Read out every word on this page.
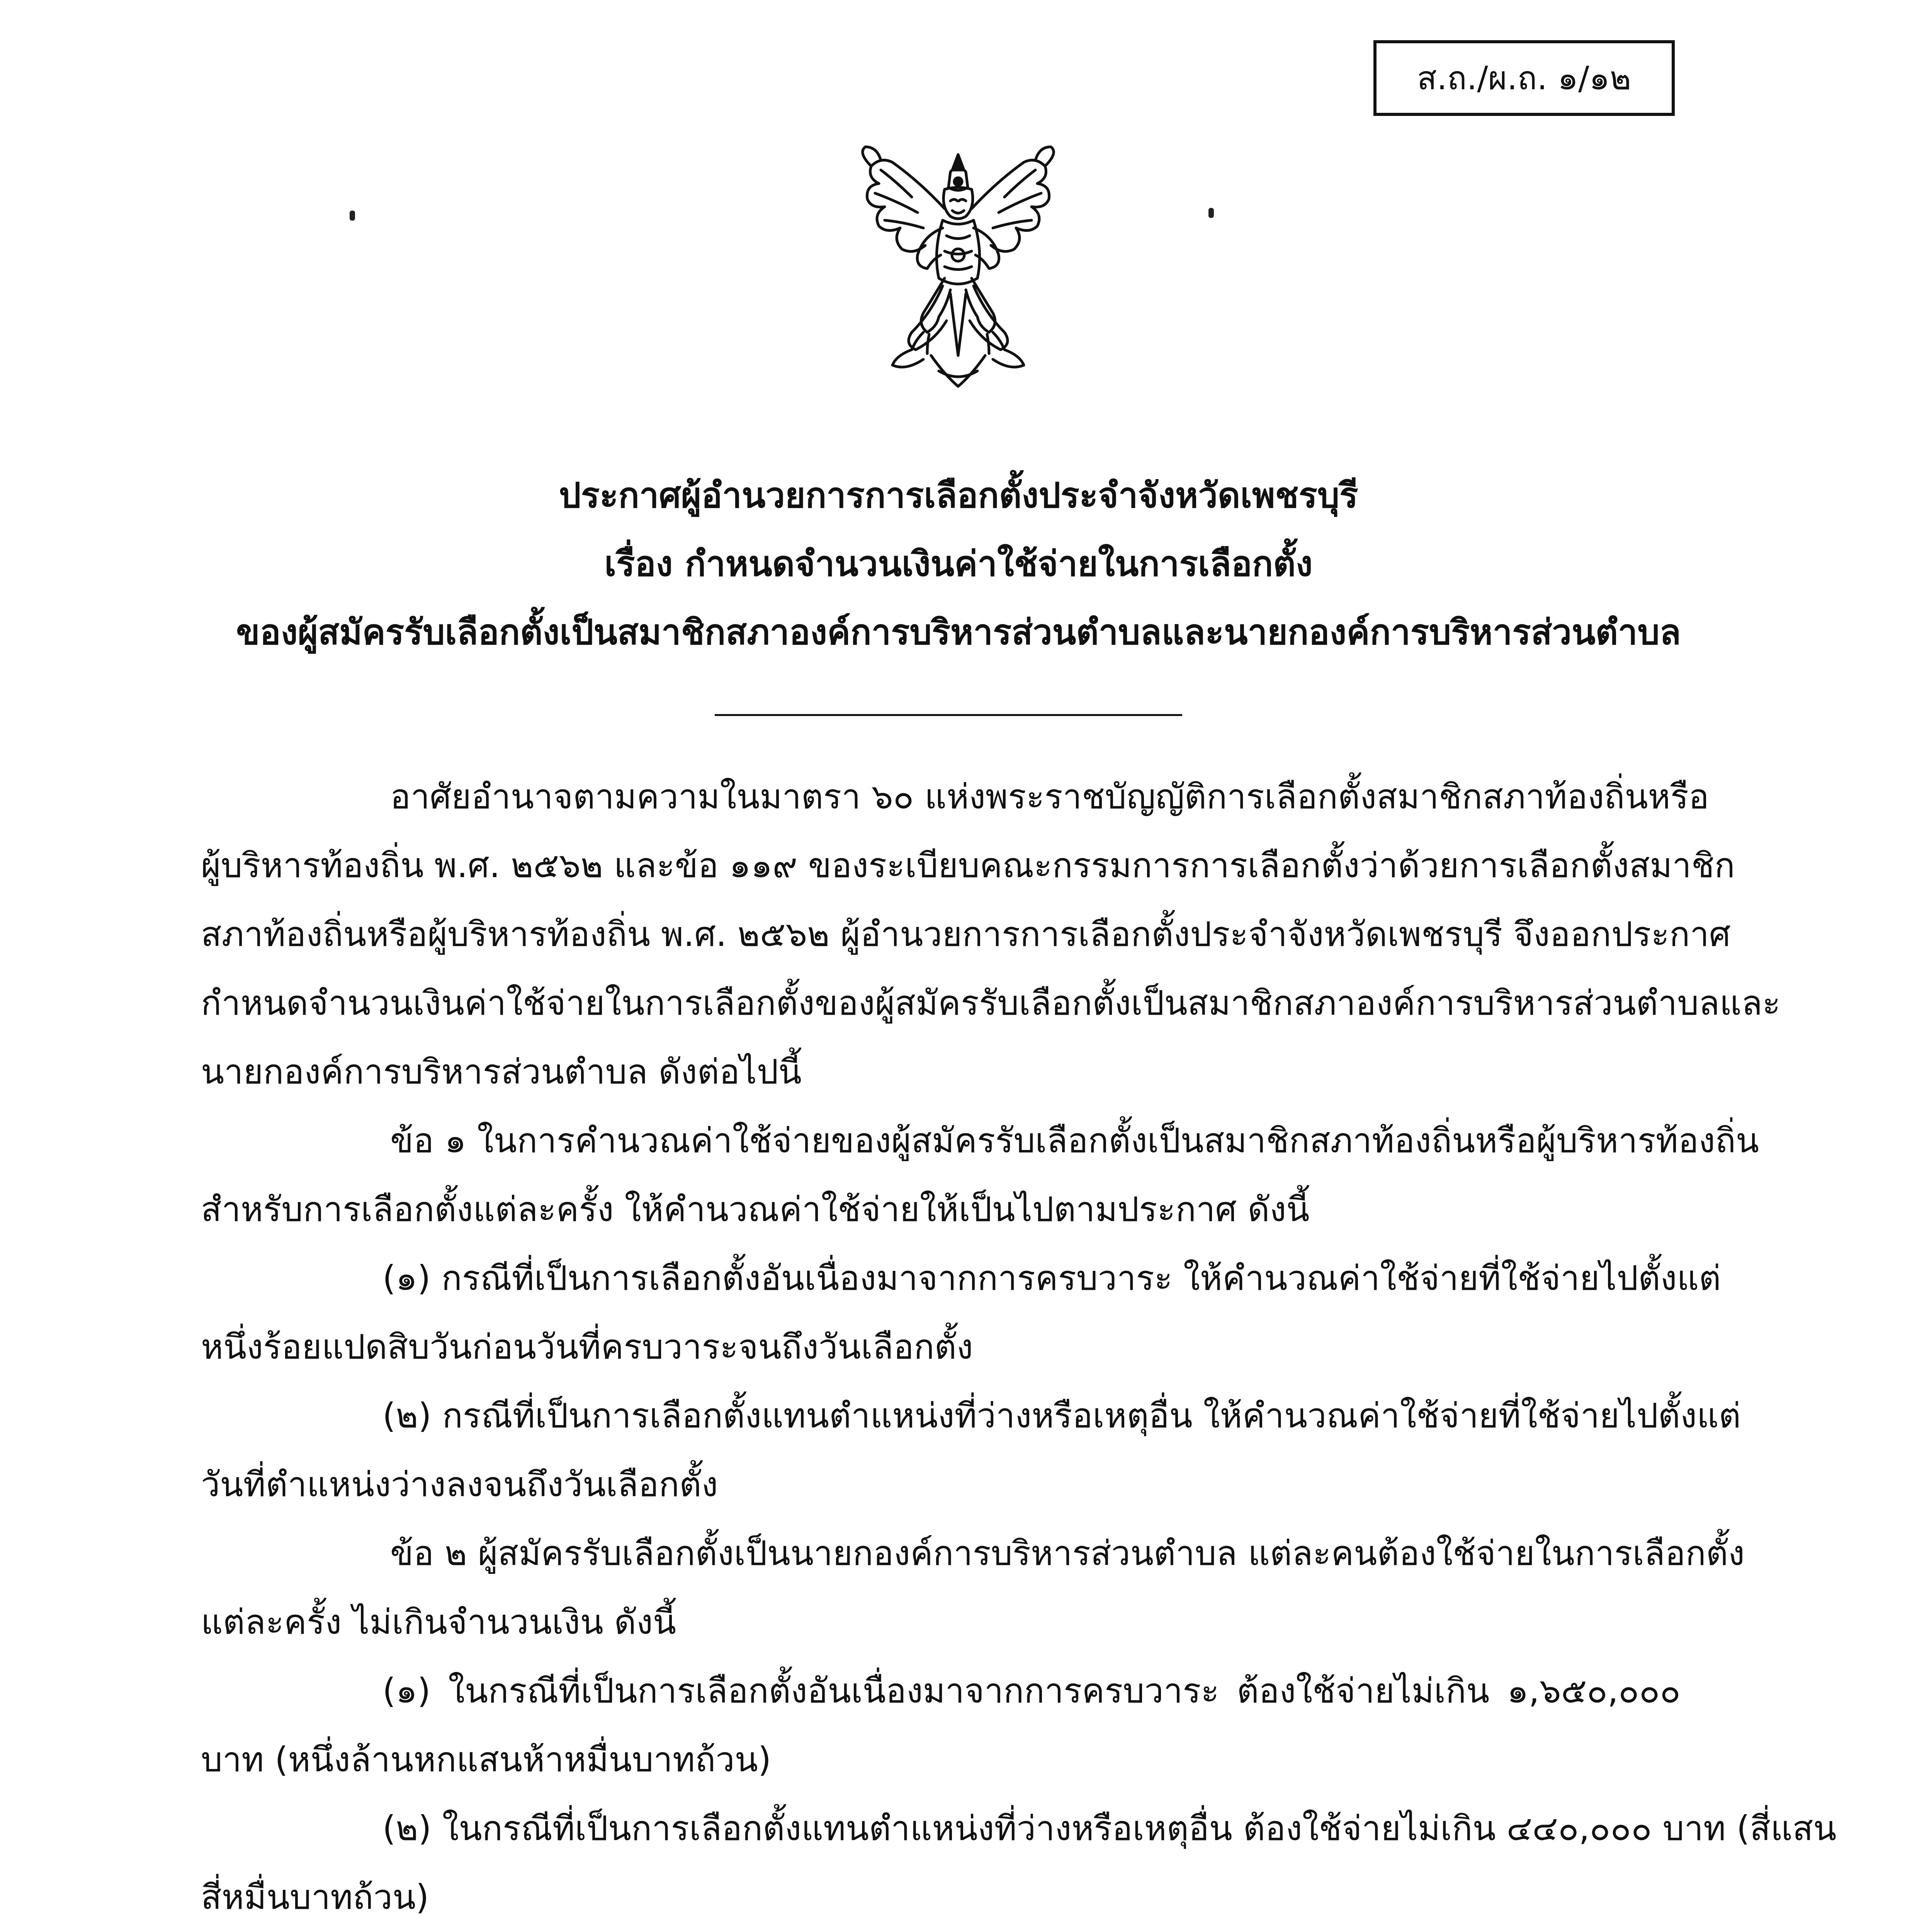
ส.ถ./ผ.ถ. ๑/๑๒
ประกาศผู้อำนวยการการเลือกตั้งประจำจังหวัดเพชรบุรี
เรื่อง กำหนดจำนวนเงินค่าใช้จ่ายในการเลือกตั้ง
ของผู้สมัครรับเลือกตั้งเป็นสมาชิกสภาองค์การบริหารส่วนตำบลและนายกองค์การบริหารส่วนตำบล
อาศัยอำนาจตามความในมาตรา ๖๐ แห่งพระราชบัญญัติการเลือกตั้งสมาชิกสภาท้องถิ่นหรือ
ผู้บริหารท้องถิ่น พ.ศ. ๒๕๖๒ และข้อ ๑๑๙ ของระเบียบคณะกรรมการการเลือกตั้งว่าด้วยการเลือกตั้งสมาชิก
สภาท้องถิ่นหรือผู้บริหารท้องถิ่น พ.ศ. ๒๕๖๒ ผู้อำนวยการการเลือกตั้งประจำจังหวัดเพชรบุรี จึงออกประกาศ
กำหนดจำนวนเงินค่าใช้จ่ายในการเลือกตั้งของผู้สมัครรับเลือกตั้งเป็นสมาชิกสภาองค์การบริหารส่วนตำบลและ
นายกองค์การบริหารส่วนตำบล ดังต่อไปนี้
ข้อ ๑ ในการคำนวณค่าใช้จ่ายของผู้สมัครรับเลือกตั้งเป็นสมาชิกสภาท้องถิ่นหรือผู้บริหารท้องถิ่น
สำหรับการเลือกตั้งแต่ละครั้ง ให้คำนวณค่าใช้จ่ายให้เป็นไปตามประกาศ ดังนี้
(๑) กรณีที่เป็นการเลือกตั้งอันเนื่องมาจากการครบวาระ ให้คำนวณค่าใช้จ่ายที่ใช้จ่ายไปตั้งแต่
หนึ่งร้อยแปดสิบวันก่อนวันที่ครบวาระจนถึงวันเลือกตั้ง
(๒) กรณีที่เป็นการเลือกตั้งแทนตำแหน่งที่ว่างหรือเหตุอื่น ให้คำนวณค่าใช้จ่ายที่ใช้จ่ายไปตั้งแต่
วันที่ตำแหน่งว่างลงจนถึงวันเลือกตั้ง
ข้อ ๒ ผู้สมัครรับเลือกตั้งเป็นนายกองค์การบริหารส่วนตำบล แต่ละคนต้องใช้จ่ายในการเลือกตั้ง
แต่ละครั้ง ไม่เกินจำนวนเงิน ดังนี้
(๑) ในกรณีที่เป็นการเลือกตั้งอันเนื่องมาจากการครบวาระ ต้องใช้จ่ายไม่เกิน ๑,๖๕๐,๐๐๐
บาท (หนึ่งล้านหกแสนห้าหมื่นบาทถ้วน)
(๒) ในกรณีที่เป็นการเลือกตั้งแทนตำแหน่งที่ว่างหรือเหตุอื่น ต้องใช้จ่ายไม่เกิน ๔๔๐,๐๐๐ บาท (สี่แสน
สี่หมื่นบาทถ้วน)
